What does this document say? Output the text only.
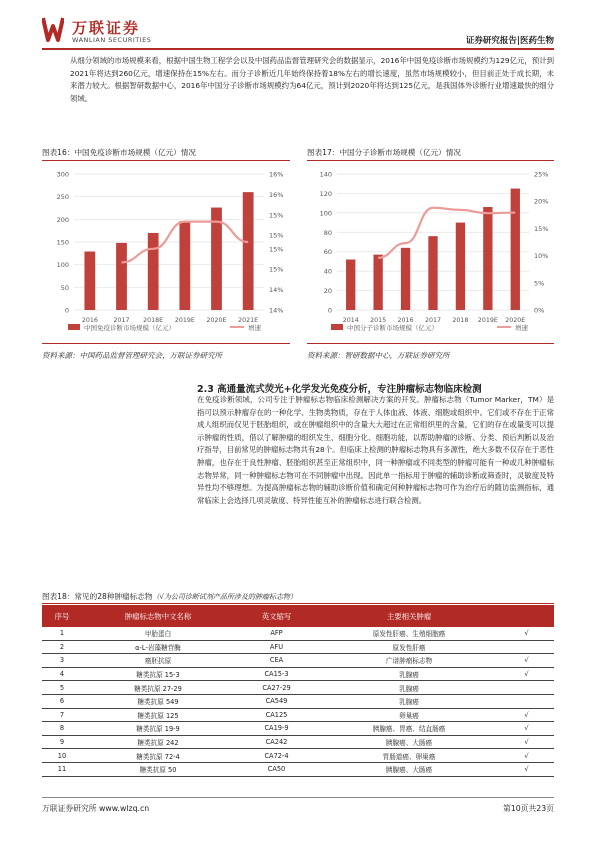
万联证券
WANLIAN SECURITIES	证券研究报告|医药生物
从细分领域的市场规模来看，根据中国生物工程学会以及中国药品监督管理研究会的数据显示，2016年中国免疫诊断市场规模约为129亿元，预计到2021年将达到260亿元，增速保持在15%左右。而分子诊断近几年始终保持着18%左右的增长速度，虽然市场规模较小，但目前正处于成长期，未来潜力较大。根据智研数据中心，2016年中国分子诊断市场规模约为64亿元，预计到2020年将达到125亿元，是我国体外诊断行业增速最快的细分领域。
图表16：中国免疫诊断市场规模（亿元）情况	图表17：中国分子诊断市场规模（亿元）情况
0
50
100
150
200
250
300
14%
14%
15%
15%
15%
15%
16%
16%
2016 2017 2018E 2019E 2020E 2021E
中国免疫诊断市场规模（亿元）	增速
0
20
40
60
80
100
120
140
0%
5%
10%
15%
20%
25%
2014 2015 2016 2017 2018 2019E 2020E
中国分子诊断市场规模（亿元）	增速
资料来源：中国药品监督管理研究会，万联证券研究所	资料来源：智研数据中心，万联证券研究所
2.3 高通量流式荧光+化学发光免疫分析，专注肿瘤标志物临床检测
在免疫诊断领域，公司专注于肿瘤标志物临床检测解决方案的开发。肿瘤标志物（Tumor Marker，TM）是指可以预示肿瘤存在的一种化学、生物类物质，存在于人体血液、体液、细胞或组织中。它们或不存在于正常成人组织而仅见于胚胎组织，或在肿瘤组织中的含量大大超过在正常组织里的含量，它们的存在或量变可以提示肿瘤的性质，借以了解肿瘤的组织发生、细胞分化、细胞功能，以帮助肿瘤的诊断、分类、预后判断以及治疗指导，目前常见的肿瘤标志物共有28个。但临床上检测的肿瘤标志物具有多源性，绝大多数不仅存在于恶性肿瘤，也存在于良性肿瘤、胚胎组织甚至正常组织中，同一种肿瘤或不同类型的肿瘤可能有一种或几种肿瘤标志物异常，同一种肿瘤标志物可在不同肿瘤中出现。因此单一指标用于肿瘤的辅助诊断或筛查时，灵敏度及特异性均不够理想。为提高肿瘤标志物的辅助诊断价值和确定何种肿瘤标志物可作为治疗后的随访监测指标，通常临床上会选择几项灵敏度、特异性能互补的肿瘤标志进行联合检测。
图表18：常见的28种肿瘤标志物（√为公司诊断试剂产品所涉及的肿瘤标志物）
序号	肿瘤标志物中文名称	英文缩写	主要相关肿瘤	
1	甲胎蛋白	AFP	原发性肝癌、生殖细胞癌	√
2	α-L-岩藻糖苷酶	AFU	原发性肝癌	
3	癌胚抗原	CEA	广谱肿瘤标志物	√
4	糖类抗原 15-3	CA15-3	乳腺癌	√
5	糖类抗原 27-29	CA27-29	乳腺癌	
6	糖类抗原 549	CA549	乳腺癌	
7	糖类抗原 125	CA125	卵巢癌	√
8	糖类抗原 19-9	CA19-9	胰腺癌、胃癌、结直肠癌	√
9	糖类抗原 242	CA242	胰腺癌、大肠癌	√
10	糖类抗原 72-4	CA72-4	胃肠道癌、卵巢癌	√
11	糖类抗原 50	CA50	胰腺癌、大肠癌	√
万联证券研究所 www.wlzq.cn	第10页共23页
